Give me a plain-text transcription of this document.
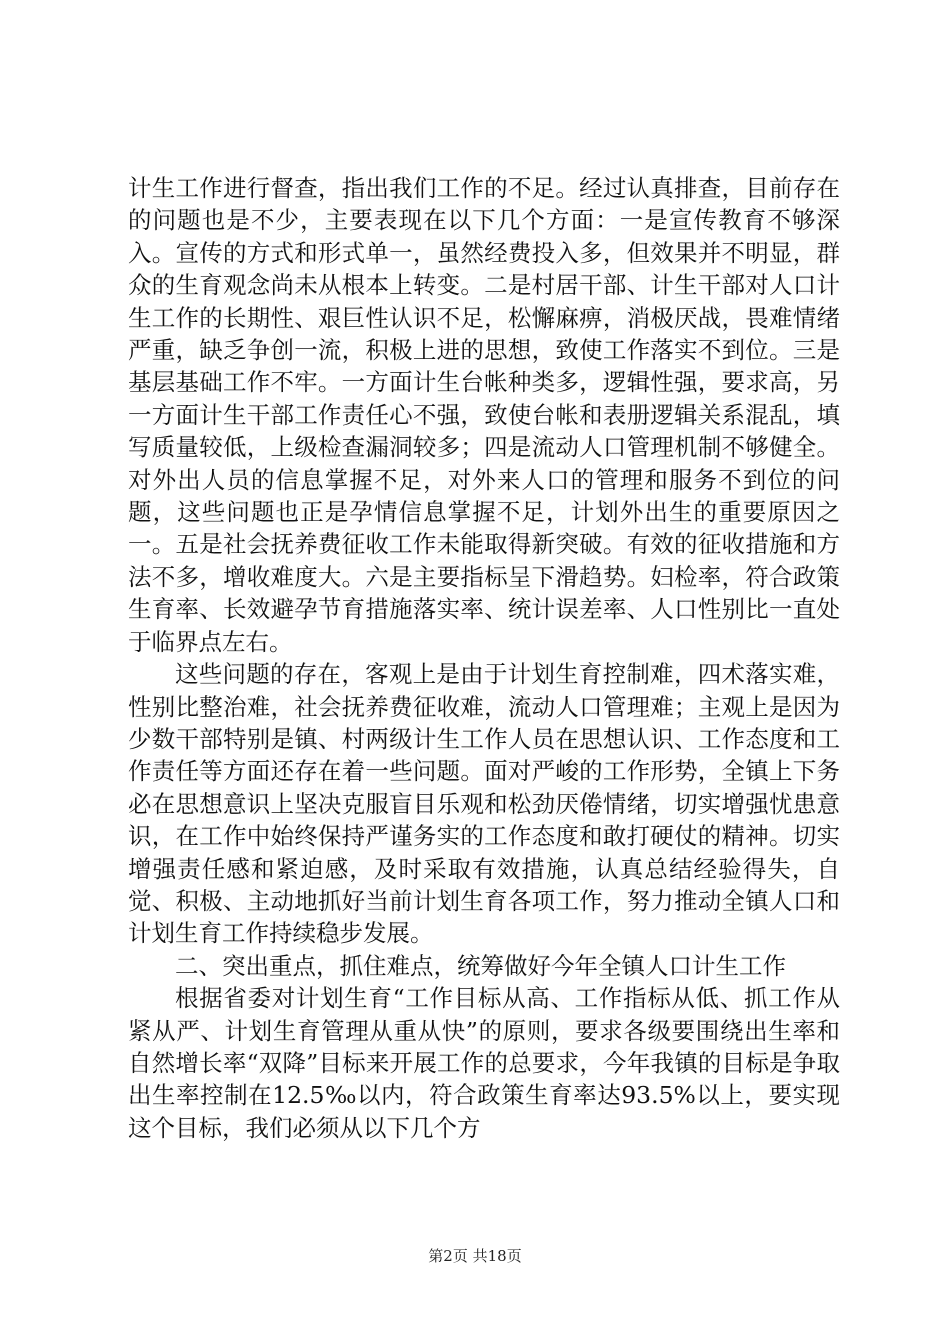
计生工作进行督查，指出我们工作的不足。经过认真排查，目前存在的问题也是不少，主要表现在以下几个方面：一是宣传教育不够深入。宣传的方式和形式单一，虽然经费投入多，但效果并不明显，群众的生育观念尚未从根本上转变。二是村居干部、计生干部对人口计生工作的长期性、艰巨性认识不足，松懈麻痹，消极厌战，畏难情绪严重，缺乏争创一流，积极上进的思想，致使工作落实不到位。三是基层基础工作不牢。一方面计生台帐种类多，逻辑性强，要求高，另一方面计生干部工作责任心不强，致使台帐和表册逻辑关系混乱，填写质量较低，上级检查漏洞较多；四是流动人口管理机制不够健全。对外出人员的信息掌握不足，对外来人口的管理和服务不到位的问题，这些问题也正是孕情信息掌握不足，计划外出生的重要原因之一。五是社会抚养费征收工作未能取得新突破。有效的征收措施和方法不多，增收难度大。六是主要指标呈下滑趋势。妇检率，符合政策生育率、长效避孕节育措施落实率、统计误差率、人口性别比一直处于临界点左右。

这些问题的存在，客观上是由于计划生育控制难，四术落实难，性别比整治难，社会抚养费征收难，流动人口管理难；主观上是因为少数干部特别是镇、村两级计生工作人员在思想认识、工作态度和工作责任等方面还存在着一些问题。面对严峻的工作形势，全镇上下务必在思想意识上坚决克服盲目乐观和松劲厌倦情绪，切实增强忧患意识，在工作中始终保持严谨务实的工作态度和敢打硬仗的精神。切实增强责任感和紧迫感，及时采取有效措施，认真总结经验得失，自觉、积极、主动地抓好当前计划生育各项工作，努力推动全镇人口和计划生育工作持续稳步发展。

二、突出重点，抓住难点，统筹做好今年全镇人口计生工作

根据省委对计划生育“工作目标从高、工作指标从低、抓工作从紧从严、计划生育管理从重从快”的原则，要求各级要围绕出生率和自然增长率“双降”目标来开展工作的总要求，今年我镇的目标是争取出生率控制在12.5‰以内，符合政策生育率达93.5%以上，要实现这个目标，我们必须从以下几个方

第2页 共18页
